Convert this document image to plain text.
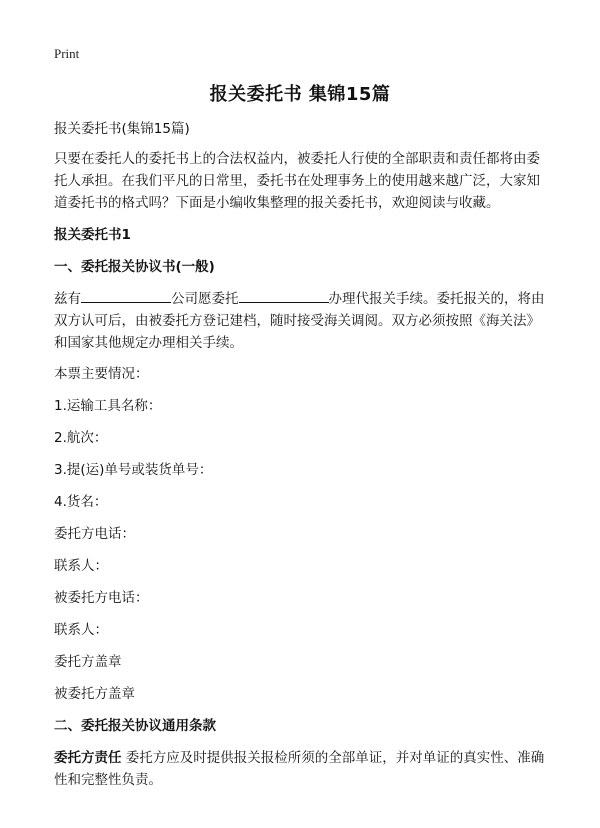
Print
报关委托书 集锦15篇
报关委托书(集锦15篇)
只要在委托人的委托书上的合法权益内，被委托人行使的全部职责和责任都将由委托人承担。在我们平凡的日常里，委托书在处理事务上的使用越来越广泛，大家知道委托书的格式吗？下面是小编收集整理的报关委托书，欢迎阅读与收藏。
报关委托书1
一、委托报关协议书(一般)
兹有	公司愿委托	办理代报关手续。委托报关的，将由双方认可后，由被委托方登记建档，随时接受海关调阅。双方必须按照《海关法》和国家其他规定办理相关手续。
本票主要情况：
1.运输工具名称：
2.航次：
3.提(运)单号或装货单号：
4.货名：
委托方电话：
联系人：
被委托方电话：
联系人：
委托方盖章
被委托方盖章
二、委托报关协议通用条款
委托方责任 委托方应及时提供报关报检所须的全部单证，并对单证的真实性、准确性和完整性负责。
